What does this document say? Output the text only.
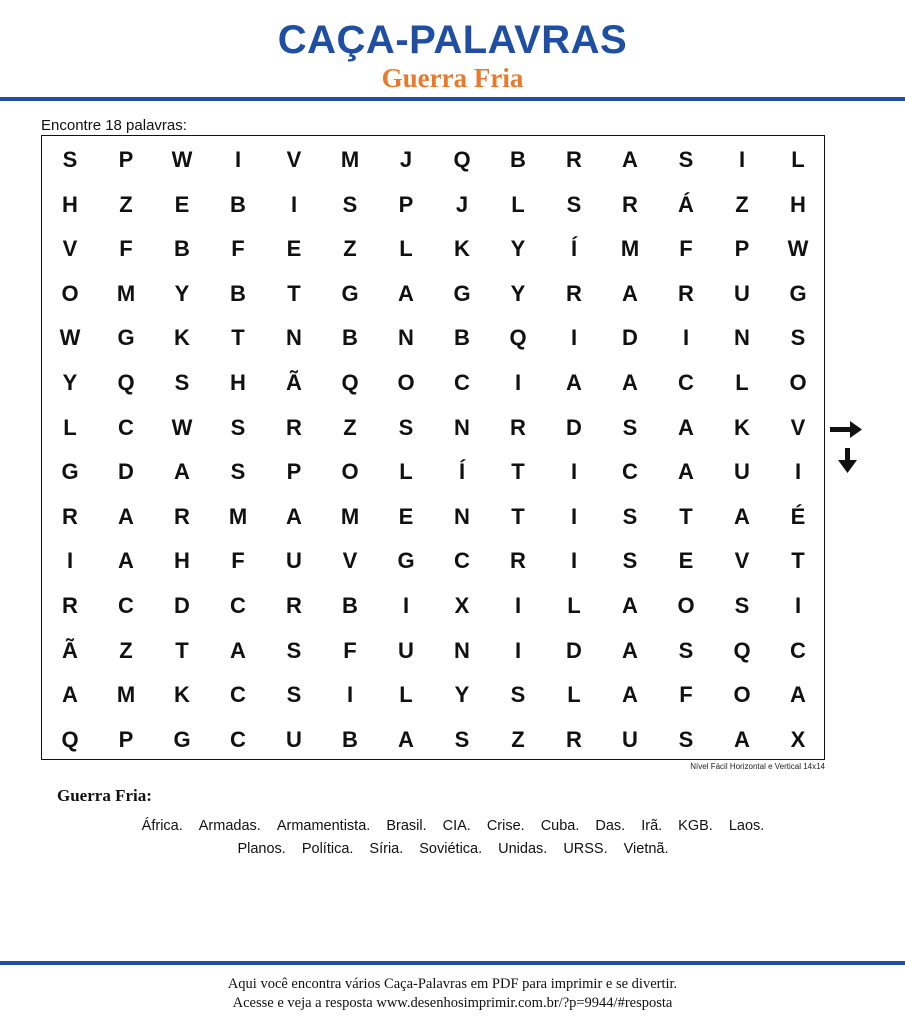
CAÇA-PALAVRAS
Guerra Fria
Encontre 18 palavras:
S	P	W	I	V	M	J	Q	B	R	A	S	I	L
H	Z	E	B	I	S	P	J	L	S	R	Á	Z	H
V	F	B	F	E	Z	L	K	Y	Í	M	F	P	W
O	M	Y	B	T	G	A	G	Y	R	A	R	U	G
W	G	K	T	N	B	N	B	Q	I	D	I	N	S
Y	Q	S	H	Ã	Q	O	C	I	A	A	C	L	O
L	C	W	S	R	Z	S	N	R	D	S	A	K	V
G	D	A	S	P	O	L	Í	T	I	C	A	U	I
R	A	R	M	A	M	E	N	T	I	S	T	A	É
I	A	H	F	U	V	G	C	R	I	S	E	V	T
R	C	D	C	R	B	I	X	I	L	A	O	S	I
Ã	Z	T	A	S	F	U	N	I	D	A	S	Q	C
A	M	K	C	S	I	L	Y	S	L	A	F	O	A
Q	P	G	C	U	B	A	S	Z	R	U	S	A	X
Nível Fácil Horizontal e Vertical 14x14
Guerra Fria:
África. Armadas. Armamentista. Brasil. CIA. Crise. Cuba. Das. Irã. KGB. Laos.
Planos. Política. Síria. Soviética. Unidas. URSS. Vietnã.
Aqui você encontra vários Caça-Palavras em PDF para imprimir e se divertir.
Acesse e veja a resposta www.desenhosimprimir.com.br/?p=9944/#resposta
